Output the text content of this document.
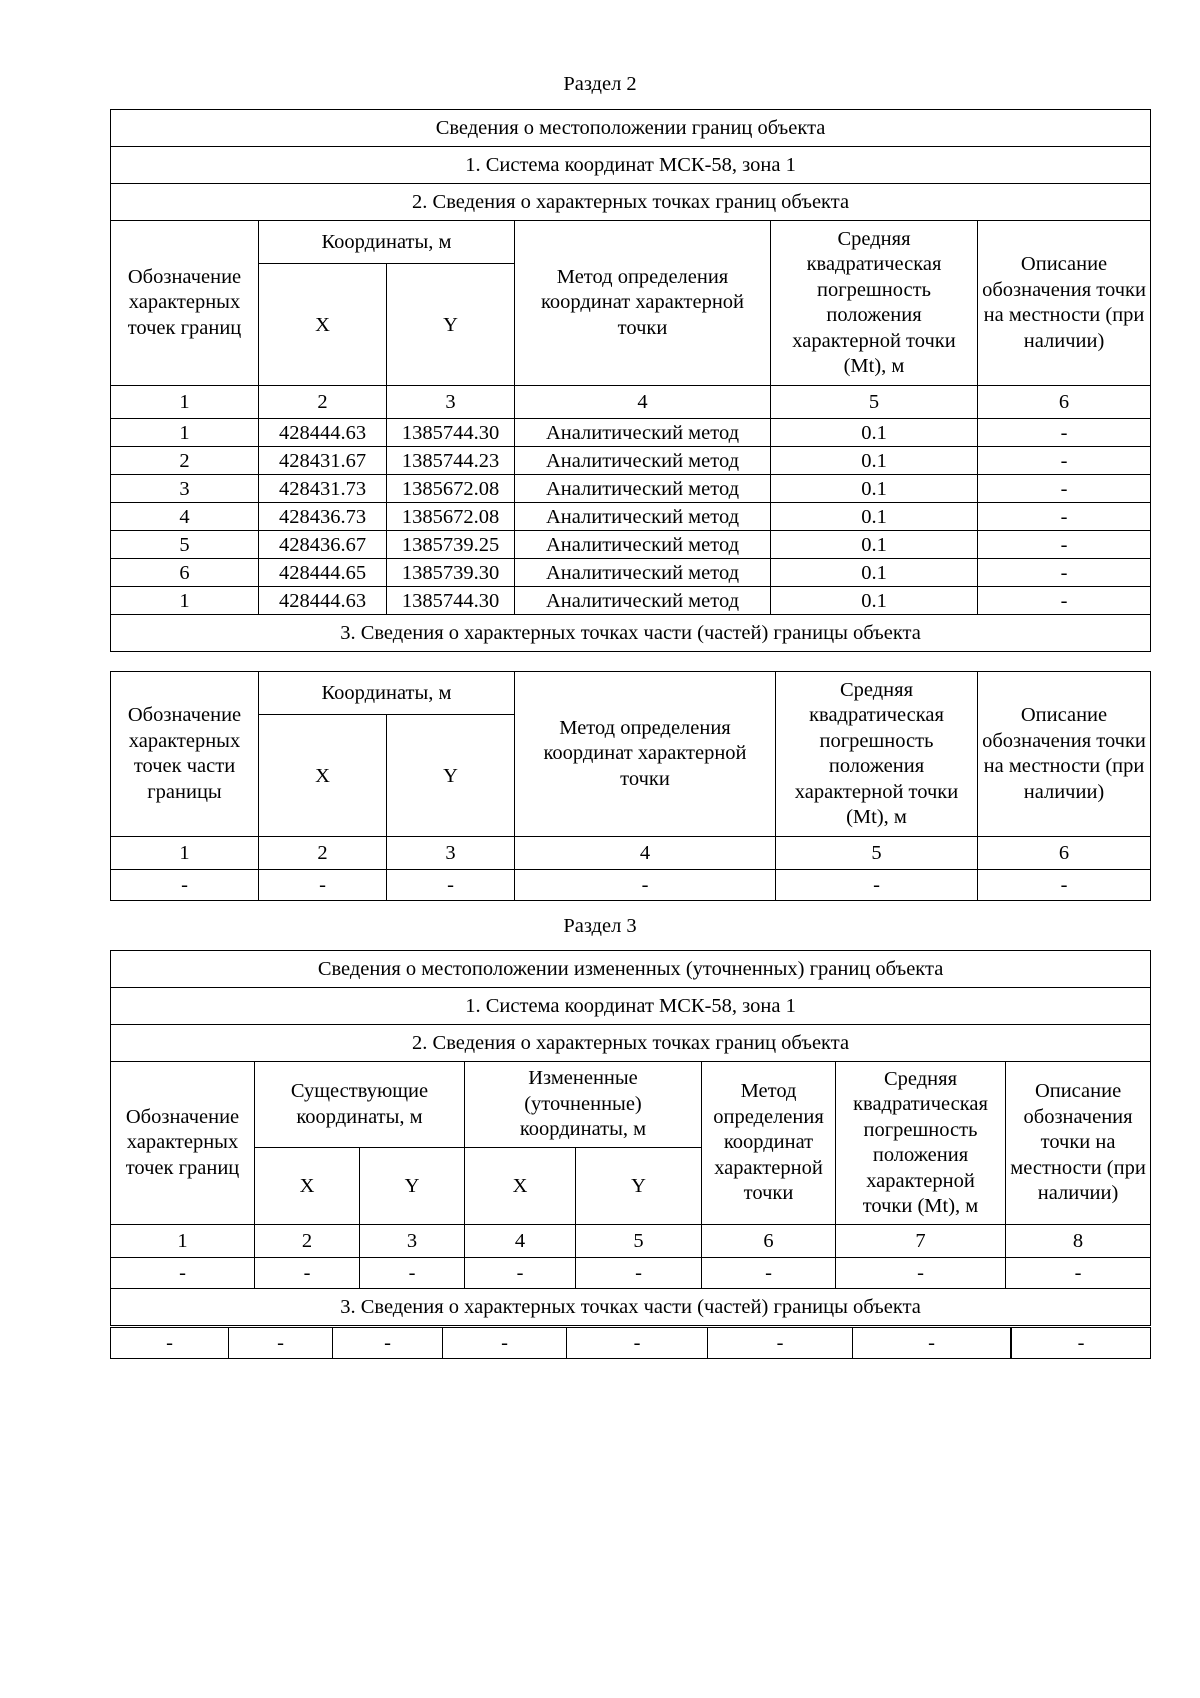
Раздел 2
Сведения о местоположении границ объекта					
1. Система координат МСК-58, зона 1					
2. Сведения о характерных точках границ объекта					
Обозначение характерных точек границ	Координаты, м		Метод определения координат характерной точки	Средняя квадратическая погрешность положения характерной точки (Mt), м	Описание обозначения точки на местности (при наличии)
	X	Y			
1	2	3	4	5	6
1	428444.63	1385744.30	Аналитический метод	0.1	-
2	428431.67	1385744.23	Аналитический метод	0.1	-
3	428431.73	1385672.08	Аналитический метод	0.1	-
4	428436.73	1385672.08	Аналитический метод	0.1	-
5	428436.67	1385739.25	Аналитический метод	0.1	-
6	428444.65	1385739.30	Аналитический метод	0.1	-
1	428444.63	1385744.30	Аналитический метод	0.1	-
3. Сведения о характерных точках части (частей) границы объекта					
Обозначение характерных точек части границы	Координаты, м		Метод определения координат характерной точки	Средняя квадратическая погрешность положения характерной точки (Mt), м	Описание обозначения точки на местности (при наличии)
	X	Y			
1	2	3	4	5	6
-	-	-	-	-	-
Раздел 3
Сведения о местоположении измененных (уточненных) границ объекта							
1. Система координат МСК-58, зона 1							
2. Сведения о характерных точках границ объекта							
Обозначение характерных точек границ	Существующие координаты, м		Измененные (уточненные) координаты, м		Метод определения координат характерной точки	Средняя квадратическая погрешность положения характерной точки (Mt), м	Описание обозначения точки на местности (при наличии)
	X	Y	X	Y			
1	2	3	4	5	6	7	8
-	-	-	-	-	-	-	-
3. Сведения о характерных точках части (частей) границы объекта							
-	-	-	-	-	-	-		-
